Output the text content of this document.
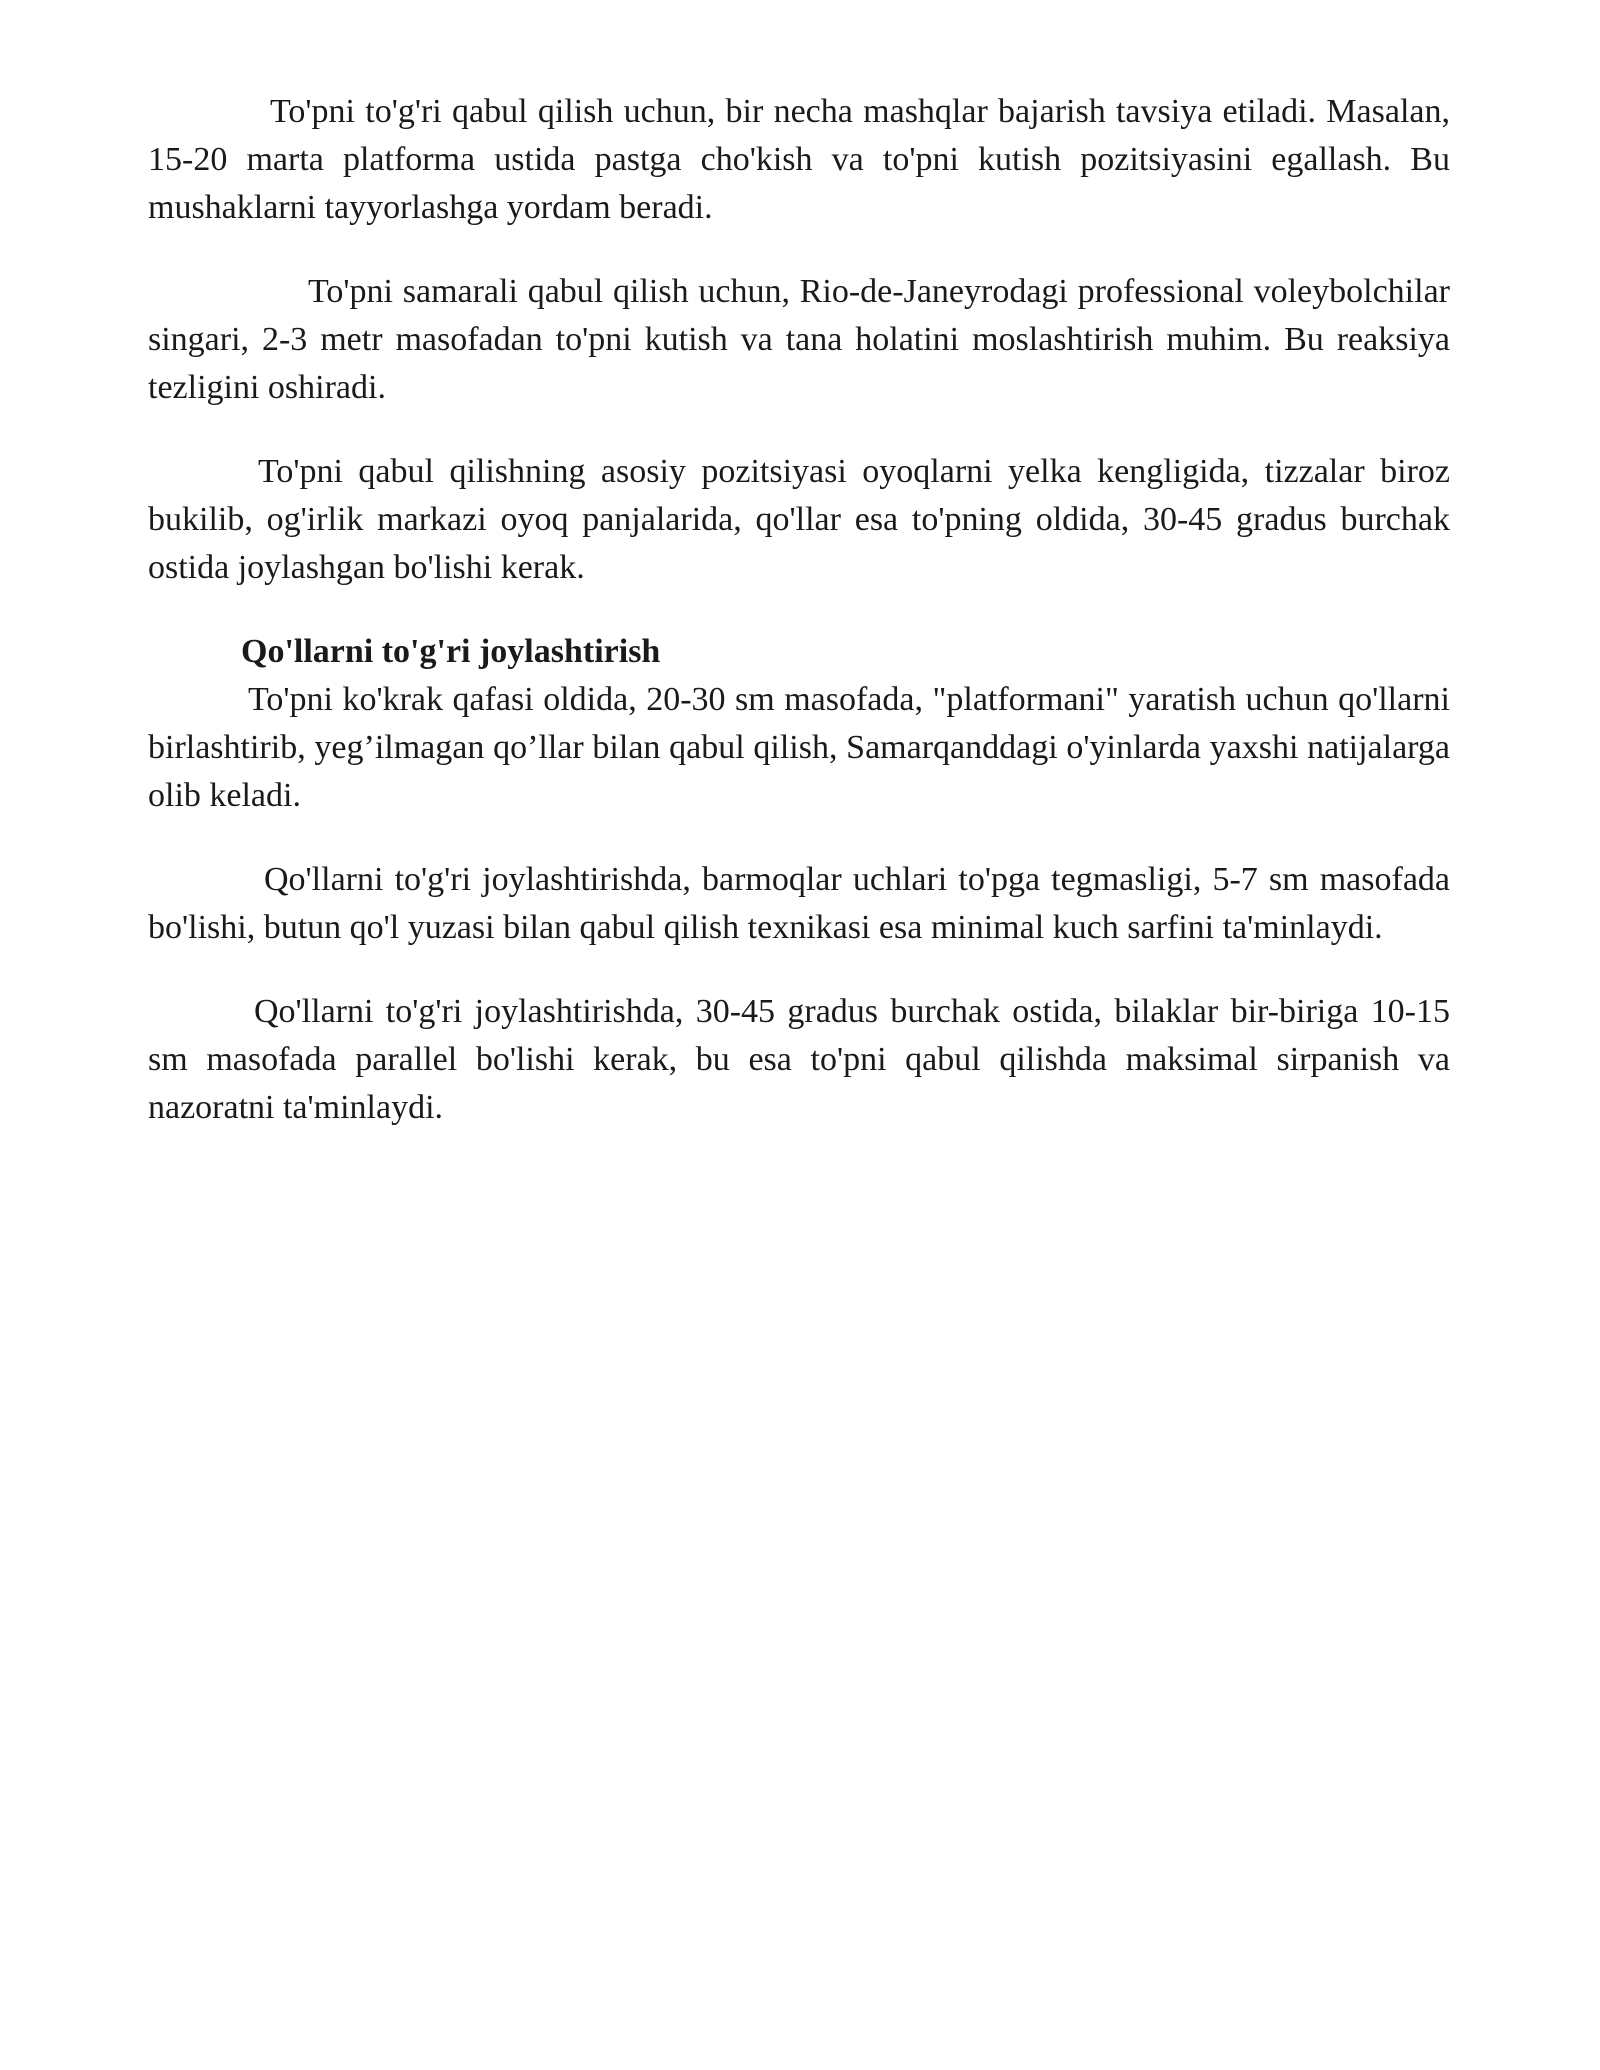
To'pni to'g'ri qabul qilish uchun, bir necha mashqlar bajarish tavsiya etiladi. Masalan, 15-20 marta platforma ustida pastga cho'kish va to'pni kutish pozitsiyasini egallash. Bu mushaklarni tayyorlashga yordam beradi.

To'pni samarali qabul qilish uchun, Rio-de-Janeyrodagi professional voleybolchilar singari, 2-3 metr masofadan to'pni kutish va tana holatini moslashtirish muhim. Bu reaksiya tezligini oshiradi.

To'pni qabul qilishning asosiy pozitsiyasi oyoqlarni yelka kengligida, tizzalar biroz bukilib, og'irlik markazi oyoq panjalarida, qo'llar esa to'pning oldida, 30-45 gradus burchak ostida joylashgan bo'lishi kerak.

Qo'llarni to'g'ri joylashtirish

To'pni ko'krak qafasi oldida, 20-30 sm masofada, "platformani" yaratish uchun qo'llarni birlashtirib, yeg’ilmagan qo’llar bilan qabul qilish, Samarqanddagi o'yinlarda yaxshi natijalarga olib keladi.

Qo'llarni to'g'ri joylashtirishda, barmoqlar uchlari to'pga tegmasligi, 5-7 sm masofada bo'lishi, butun qo'l yuzasi bilan qabul qilish texnikasi esa minimal kuch sarfini ta'minlaydi.

Qo'llarni to'g'ri joylashtirishda, 30-45 gradus burchak ostida, bilaklar bir-biriga 10-15 sm masofada parallel bo'lishi kerak, bu esa to'pni qabul qilishda maksimal sirpanish va nazoratni ta'minlaydi.
